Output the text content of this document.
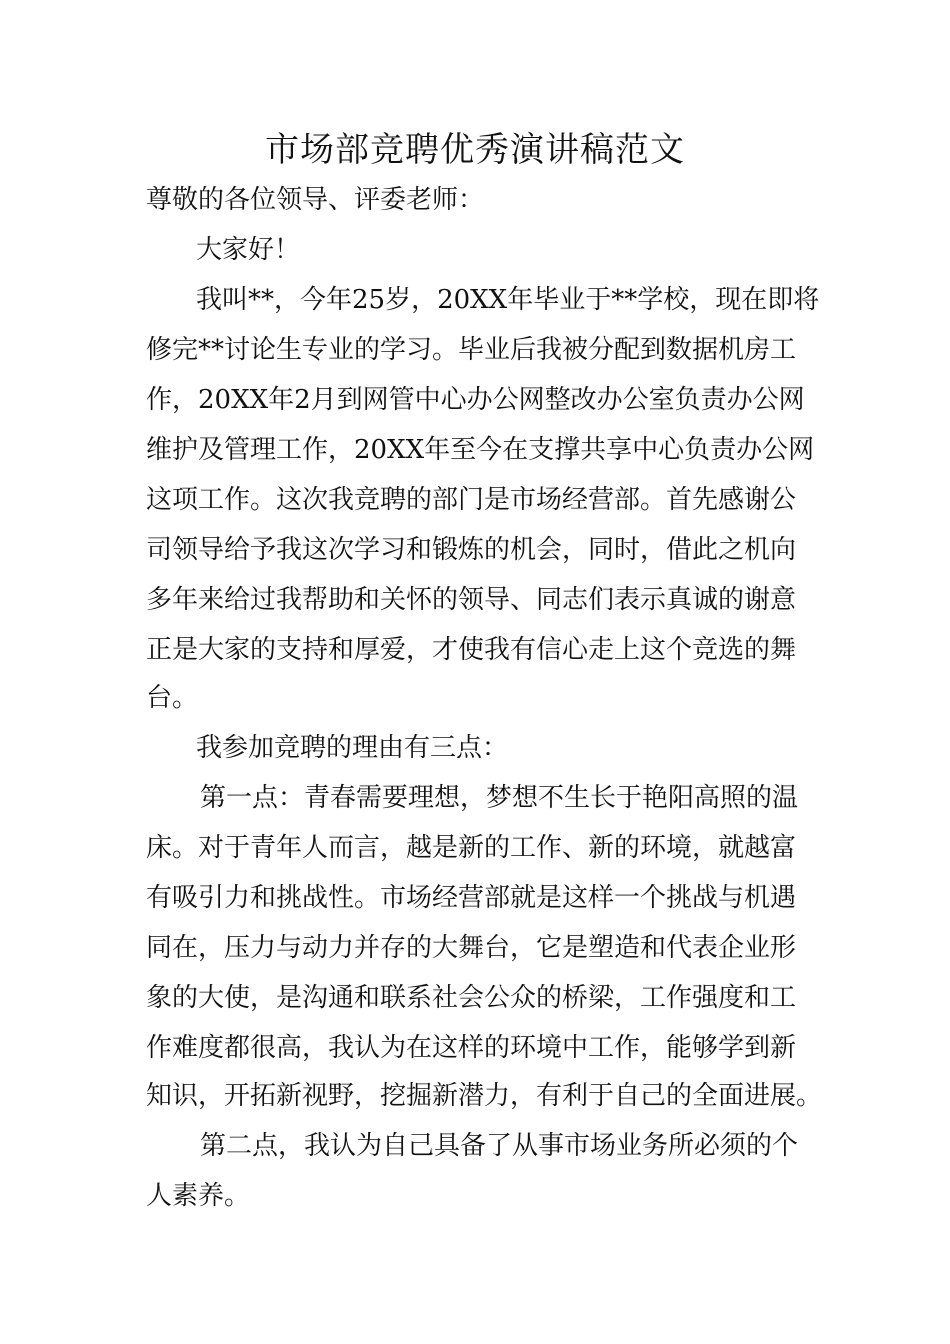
市场部竞聘优秀演讲稿范文

尊敬的各位领导、评委老师：

大家好！

我叫**，今年25岁，20XX年毕业于**学校，现在即将

修完**讨论生专业的学习。毕业后我被分配到数据机房工

作，20XX年2月到网管中心办公网整改办公室负责办公网

维护及管理工作，20XX年至今在支撑共享中心负责办公网

这项工作。这次我竞聘的部门是市场经营部。首先感谢公

司领导给予我这次学习和锻炼的机会，同时，借此之机向

多年来给过我帮助和关怀的领导、同志们表示真诚的谢意

正是大家的支持和厚爱，才使我有信心走上这个竞选的舞

台。

我参加竞聘的理由有三点：

第一点：青春需要理想，梦想不生长于艳阳高照的温

床。对于青年人而言，越是新的工作、新的环境，就越富

有吸引力和挑战性。市场经营部就是这样一个挑战与机遇

同在，压力与动力并存的大舞台，它是塑造和代表企业形

象的大使，是沟通和联系社会公众的桥梁，工作强度和工

作难度都很高，我认为在这样的环境中工作，能够学到新

知识，开拓新视野，挖掘新潜力，有利于自己的全面进展。

第二点，我认为自己具备了从事市场业务所必须的个

人素养。
